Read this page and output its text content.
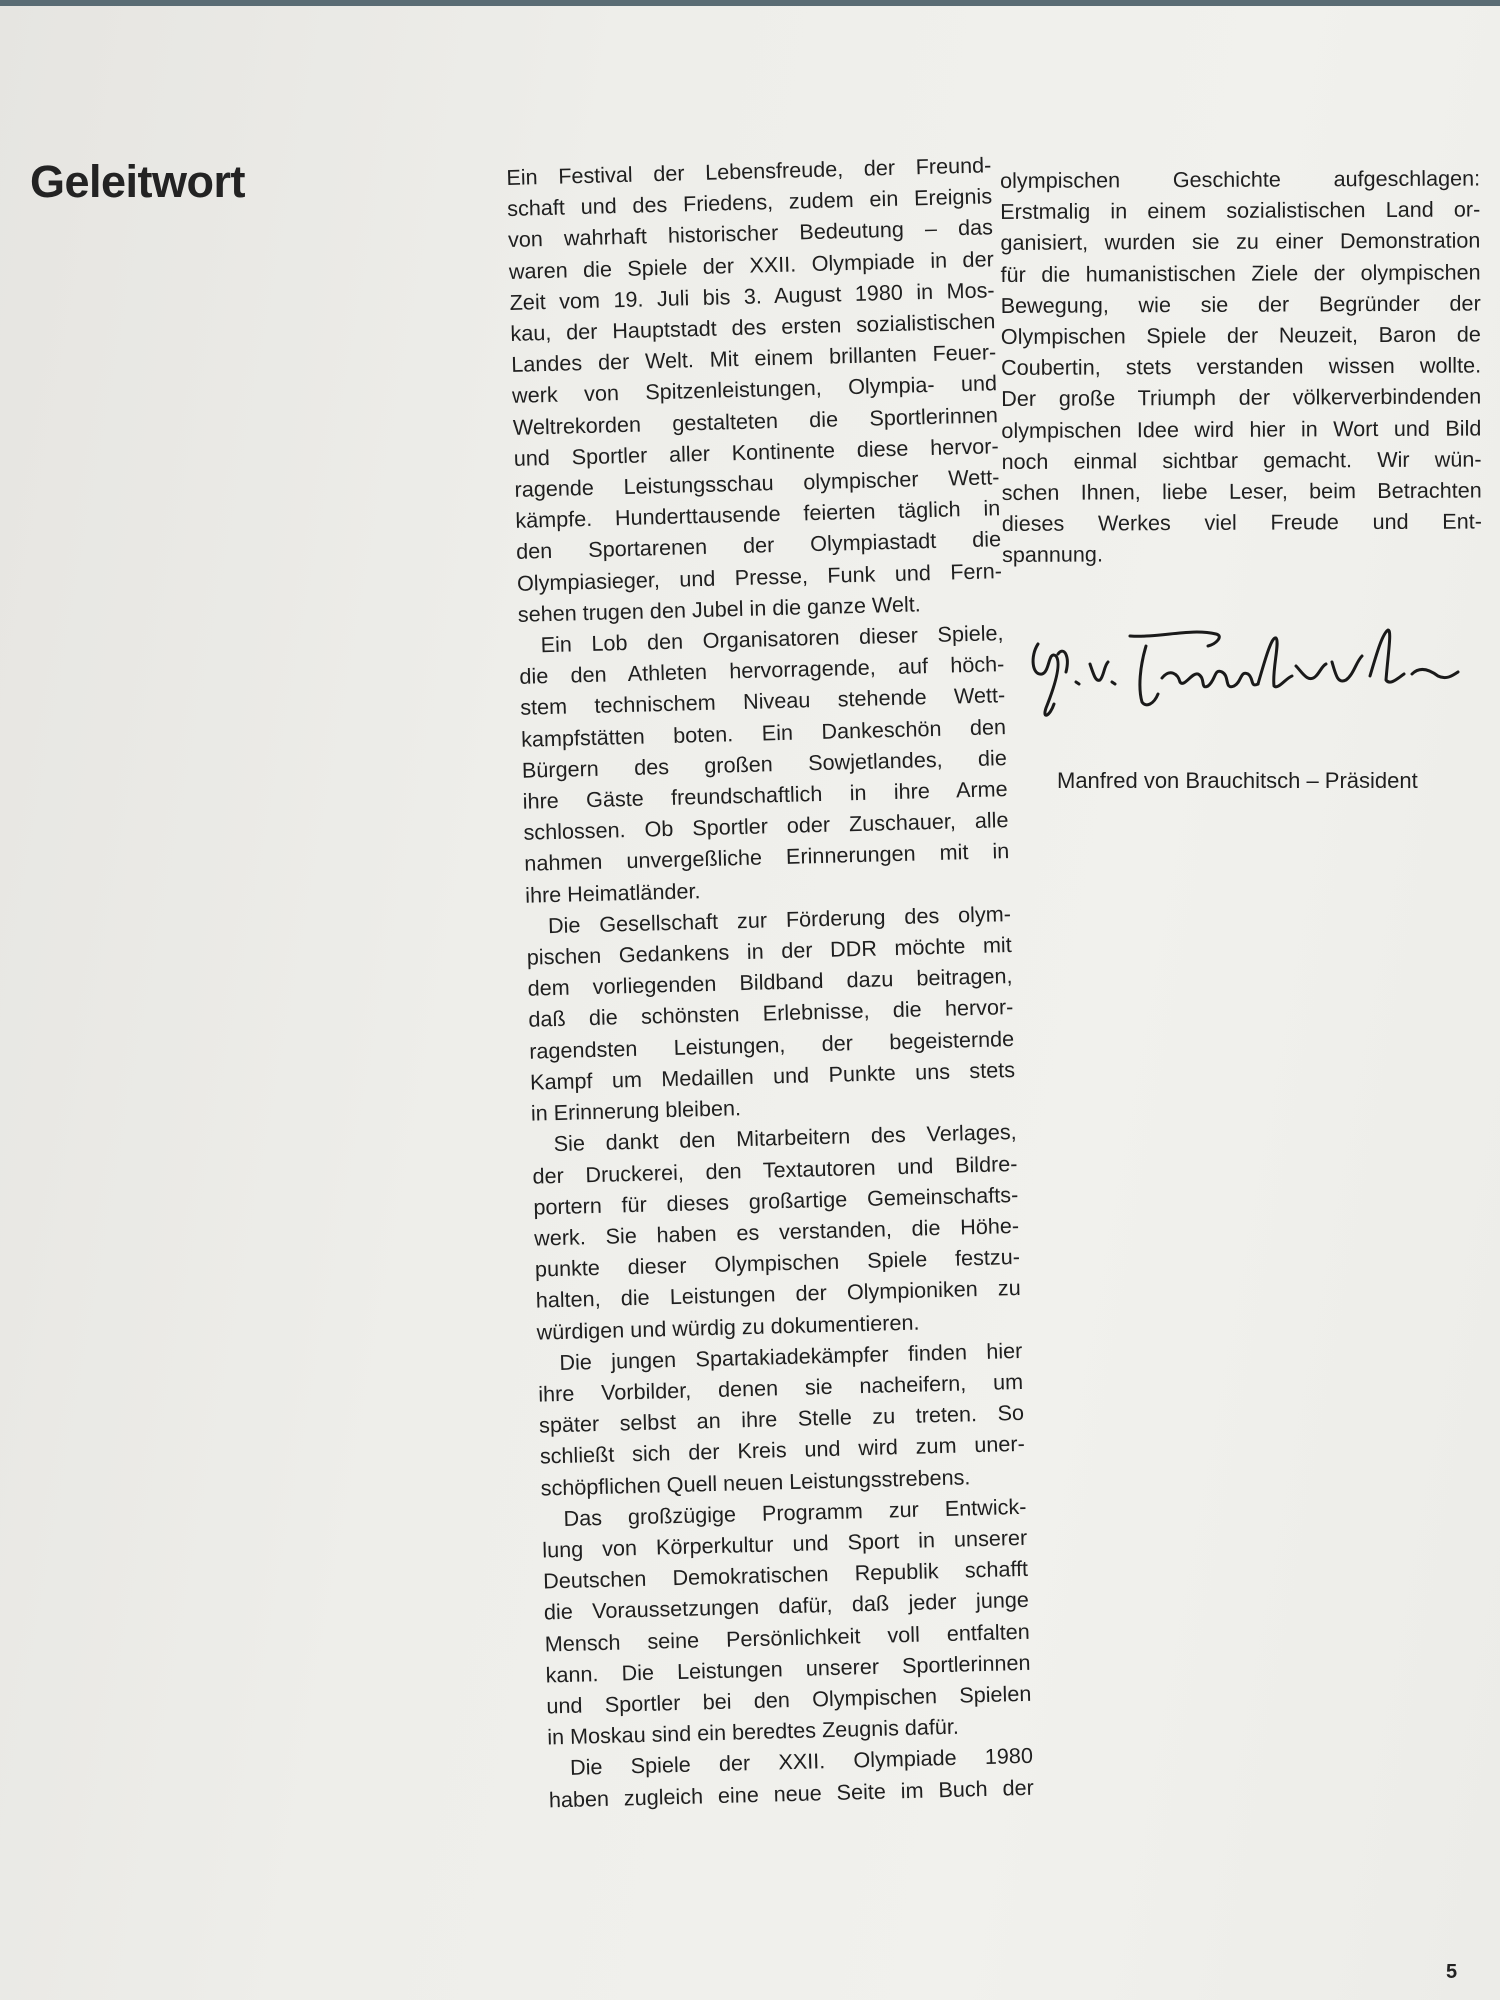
Geleitwort	Ein Festival der Lebensfreude, der Freund-
schaft und des Friedens, zudem ein Ereignis
von wahrhaft historischer Bedeutung – das
waren die Spiele der XXII. Olympiade in der
Zeit vom 19. Juli bis 3. August 1980 in Mos-
kau, der Hauptstadt des ersten sozialistischen
Landes der Welt. Mit einem brillanten Feuer-
werk von Spitzenleistungen, Olympia- und
Weltrekorden gestalteten die Sportlerinnen
und Sportler aller Kontinente diese hervor-
ragende Leistungsschau olympischer Wett-
kämpfe. Hunderttausende feierten täglich in
den Sportarenen der Olympiastadt die
Olympiasieger, und Presse, Funk und Fern-
sehen trugen den Jubel in die ganze Welt.
Ein Lob den Organisatoren dieser Spiele,
die den Athleten hervorragende, auf höch-
stem technischem Niveau stehende Wett-
kampfstätten boten. Ein Dankeschön den
Bürgern des großen Sowjetlandes, die
ihre Gäste freundschaftlich in ihre Arme
schlossen. Ob Sportler oder Zuschauer, alle
nahmen unvergeßliche Erinnerungen mit in
ihre Heimatländer.
Die Gesellschaft zur Förderung des olym-
pischen Gedankens in der DDR möchte mit
dem vorliegenden Bildband dazu beitragen,
daß die schönsten Erlebnisse, die hervor-
ragendsten Leistungen, der begeisternde
Kampf um Medaillen und Punkte uns stets
in Erinnerung bleiben.
Sie dankt den Mitarbeitern des Verlages,
der Druckerei, den Textautoren und Bildre-
portern für dieses großartige Gemeinschafts-
werk. Sie haben es verstanden, die Höhe-
punkte dieser Olympischen Spiele festzu-
halten, die Leistungen der Olympioniken zu
würdigen und würdig zu dokumentieren.
Die jungen Spartakiadekämpfer finden hier
ihre Vorbilder, denen sie nacheifern, um
später selbst an ihre Stelle zu treten. So
schließt sich der Kreis und wird zum uner-
schöpflichen Quell neuen Leistungsstrebens.
Das großzügige Programm zur Entwick-
lung von Körperkultur und Sport in unserer
Deutschen Demokratischen Republik schafft
die Voraussetzungen dafür, daß jeder junge
Mensch seine Persönlichkeit voll entfalten
kann. Die Leistungen unserer Sportlerinnen
und Sportler bei den Olympischen Spielen
in Moskau sind ein beredtes Zeugnis dafür.
Die Spiele der XXII. Olympiade 1980
haben zugleich eine neue Seite im Buch der
olympischen Geschichte aufgeschlagen:
Erstmalig in einem sozialistischen Land or-
ganisiert, wurden sie zu einer Demonstration
für die humanistischen Ziele der olympischen
Bewegung, wie sie der Begründer der
Olympischen Spiele der Neuzeit, Baron de
Coubertin, stets verstanden wissen wollte.
Der große Triumph der völkerverbindenden
olympischen Idee wird hier in Wort und Bild
noch einmal sichtbar gemacht. Wir wün-
schen Ihnen, liebe Leser, beim Betrachten
dieses Werkes viel Freude und Ent-
spannung.

Manfred von Brauchitsch – Präsident

5
